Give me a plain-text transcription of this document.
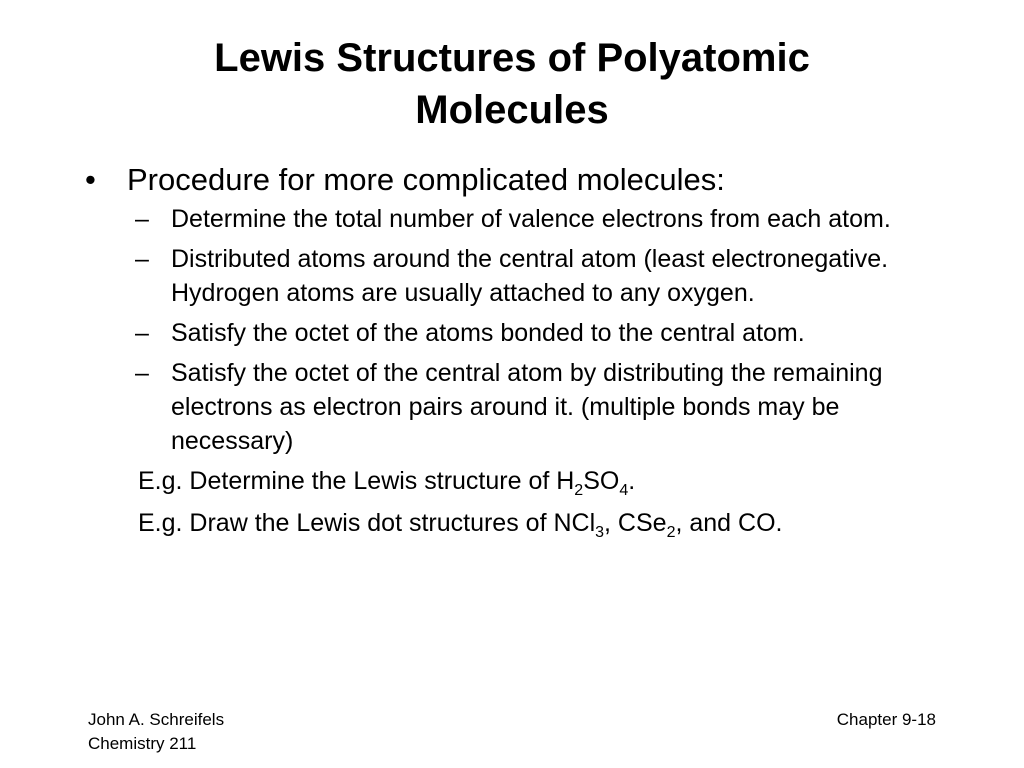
Lewis Structures of Polyatomic
Molecules
• Procedure for more complicated molecules:
– Determine the total number of valence electrons from each atom.
– Distributed atoms around the central atom (least electronegative. Hydrogen atoms are usually attached to any oxygen.
– Satisfy the octet of the atoms bonded to the central atom.
– Satisfy the octet of the central atom by distributing the remaining electrons as electron pairs around it. (multiple bonds may be necessary)
E.g. Determine the Lewis structure of $H_2SO_4$.
E.g. Draw the Lewis dot structures of NCl$_3$, CSe$_2$, and CO.
John A. Schreifels
Chemistry 211
Chapter 9-18
